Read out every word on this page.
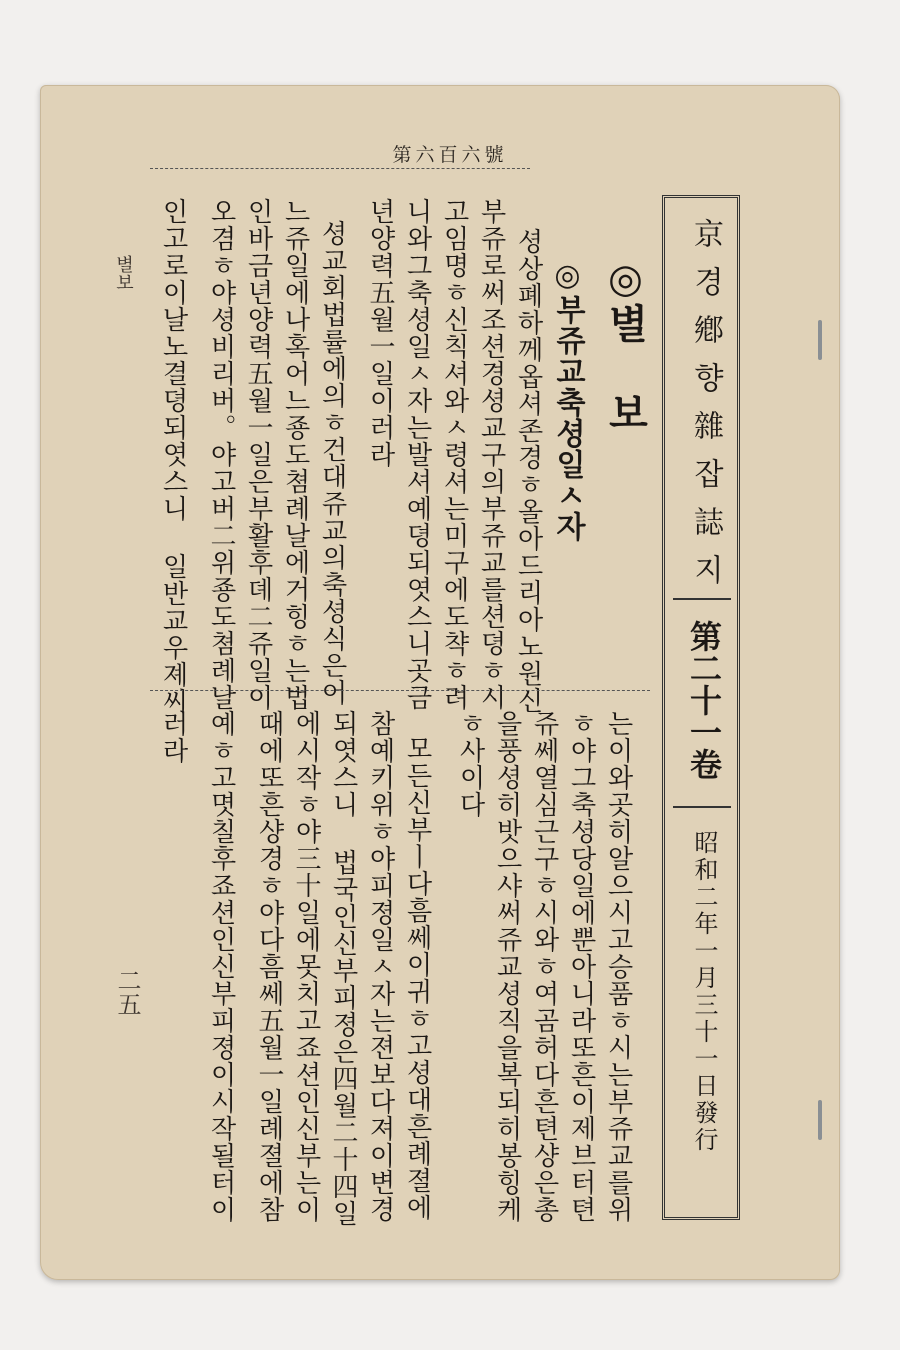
第六百六號
京경鄕향雜잡誌지
第二十一卷
昭和二年一月三十一日發行
◎별 보
◎부쥬교축셩일ㅅ자
셩상폐하께옵셔존경ㅎ올아드리아노원신
부쥬로써조션경셩교구의부쥬교를션뎡ㅎ시
고임명ㅎ신칙셔와ㅅ령셔는미구에도챡ㅎ려
니와그축셩일ㅅ자는발셔예뎡되엿스니곳금
년양력五월一일이러라
셩교회법률에의ㅎ건대쥬교의축셩식은어
느쥬일에나혹어느죵도쳠례날에거힝ㅎ는법
인바금년양력五월一일은부활후뎨二쥬일이
오겸ㅎ야셩비리버。야고버二위죵도쳠례날
인고로이날노결뎡되엿스니 일반교우졔씨
는이와곳히알으시고승품ㅎ시는부쥬교를위
ㅎ야그축셩당일에뿐아니라또흔이제브터텬
쥬쎄열심근구ㅎ시와ㅎ여곰허다흔텬샹은총
을풍셩히밧으샤써쥬교셩직을복되히봉힝케
ㅎ사이다
모든신부ㅣ다흠쎄이귀ㅎ고셩대흔례졀에
참예키위ㅎ야피졍일ㅅ자는젼보다져이변경
되엿스니 법국인신부피졍은四월二十四일
에시작ㅎ야三十일에못치고죠션인신부는이
때에또흔샹경ㅎ야다흠쎄五월一일례졀에참
예ㅎ고몃칠후죠션인신부피졍이시작될터이
러라
별보
二五
